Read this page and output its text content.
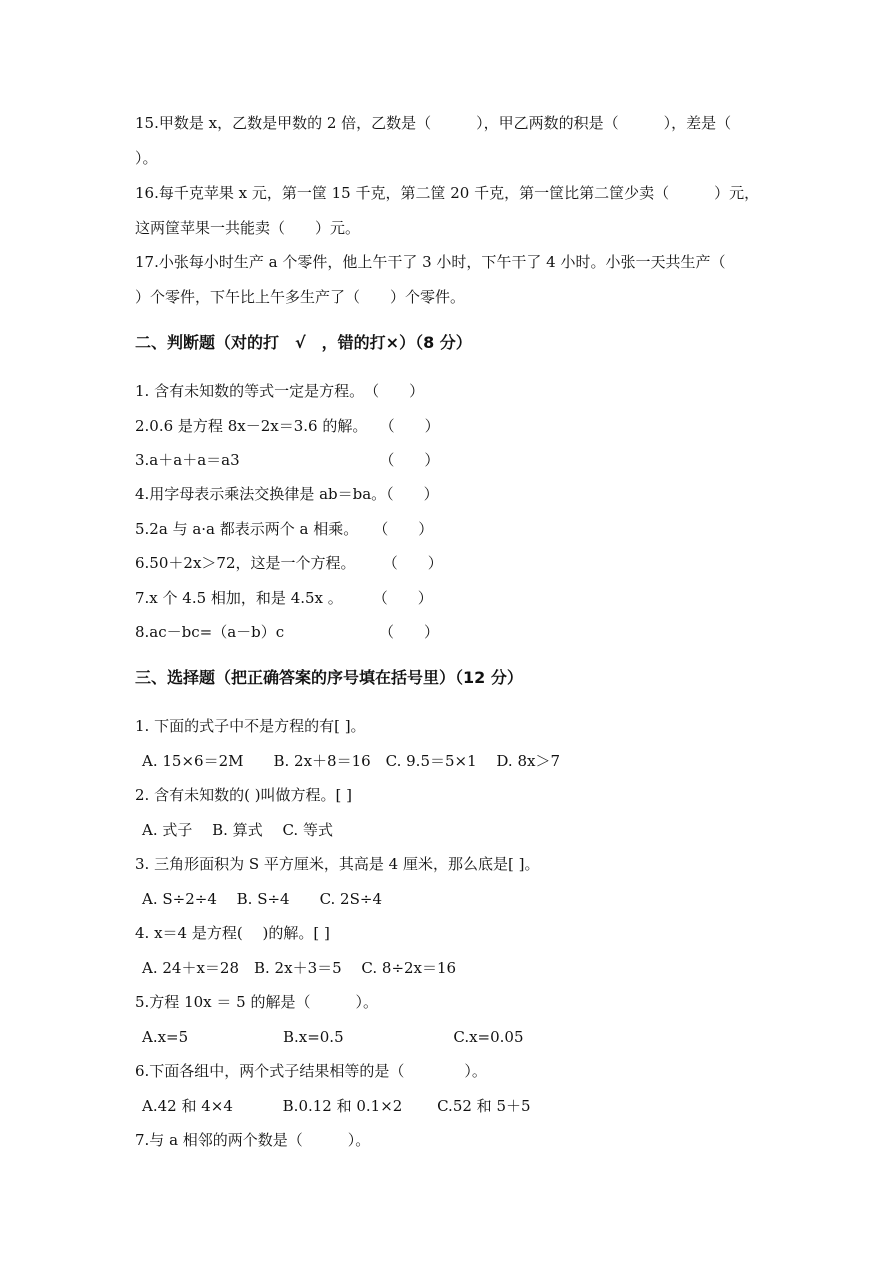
15.甲数是 x，乙数是甲数的 2 倍，乙数是（　　　），甲乙两数的积是（　　　），差是（
）。
16.每千克苹果 x 元，第一筐 15 千克，第二筐 20 千克，第一筐比第二筐少卖（　　　）元，
这两筐苹果一共能卖（　　）元。
17.小张每小时生产 a 个零件，他上午干了 3 小时，下午干了 4 小时。小张一天共生产（
）个零件，下午比上午多生产了（　　）个零件。
二、判断题（对的打　√　，错的打×）（8 分）
1. 含有未知数的等式一定是方程。　（　　）
2.0.6 是方程 8x－2x＝3.6 的解。　 （　　）
3.a＋a＋a＝a3　　　　　　　　　 （　　）
4.用字母表示乘法交换律是 ab＝ba。（　　）
5.2a 与 a·a 都表示两个 a 相乘。　　（　　）
6.50＋2x＞72，这是一个方程。　　 （　　）
7.x 个 4.5 相加，和是 4.5x 。　　　（　　）
8.ac－bc=（a－b）c　　　　　　 （　　）
三、选择题（把正确答案的序号填在括号里）（12 分）
1. 下面的式子中不是方程的有[ ]。
A. 15×6＝2M　　B. 2x＋8＝16　C. 9.5＝5×1　 D. 8x＞7
2. 含有未知数的( )叫做方程。[ ]
A. 式子　 B. 算式　 C. 等式
3. 三角形面积为 S 平方厘米，其高是 4 厘米，那么底是[ ]。
A. S÷2÷4　 B. S÷4　　C. 2S÷4
4. x＝4 是方程(　 )的解。[ ]
A. 24＋x＝28　B. 2x＋3＝5　 C. 8÷2x＝16
5.方程 10x ＝ 5 的解是（　　　）。
A.x=5　　　　　　 B.x=0.5　　　　　　　 C.x=0.05
6.下面各组中，两个式子结果相等的是（　　　　）。
A.42 和 4×4　　　 B.0.12 和 0.1×2　　 C.52 和 5＋5
7.与 a 相邻的两个数是（　　　）。
